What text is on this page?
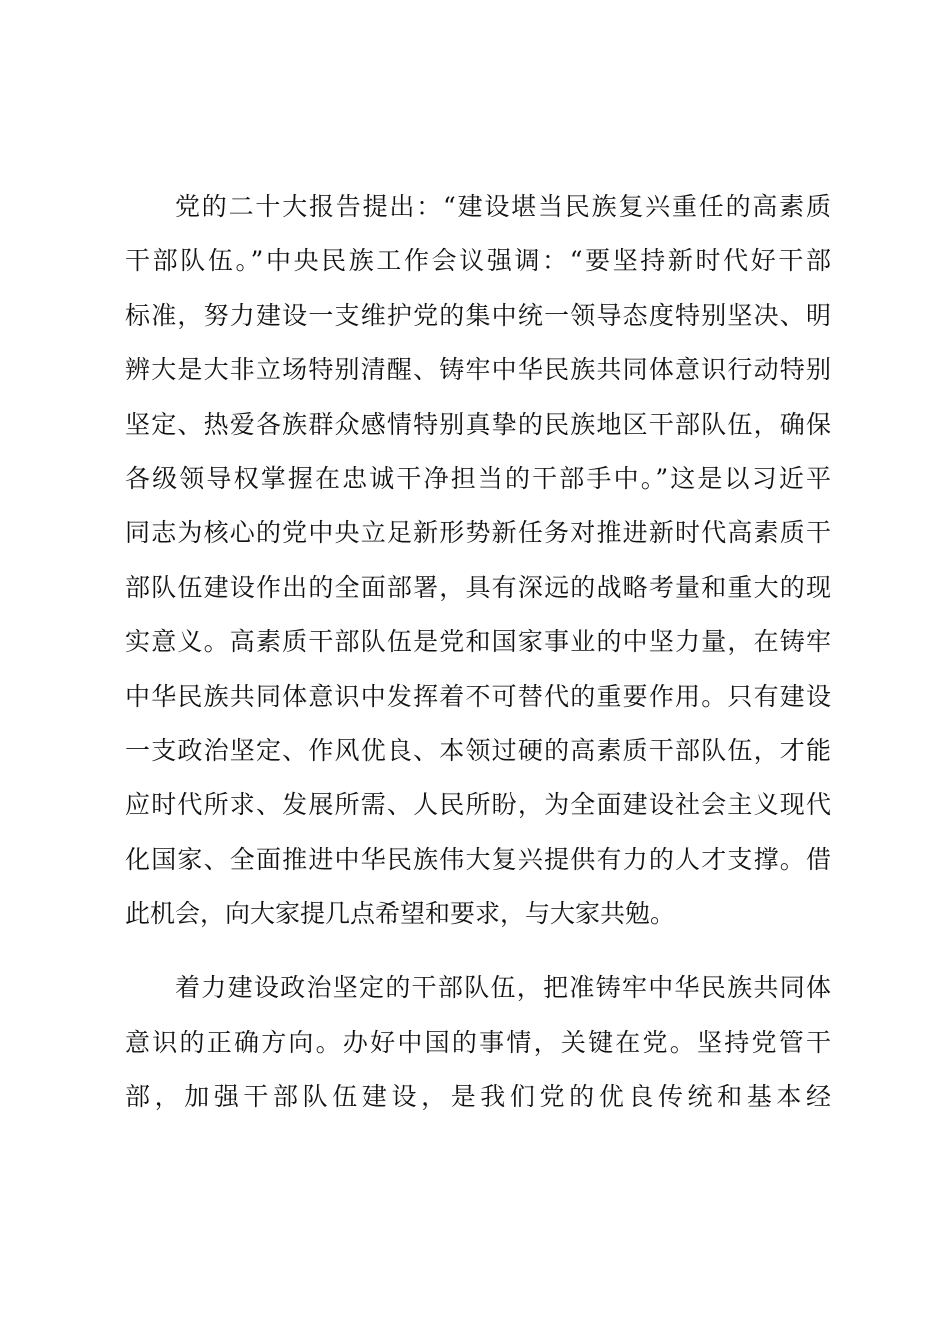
党的二十大报告提出：“建设堪当民族复兴重任的高素质
干部队伍。”中央民族工作会议强调：“要坚持新时代好干部
标准，努力建设一支维护党的集中统一领导态度特别坚决、明
辨大是大非立场特别清醒、铸牢中华民族共同体意识行动特别
坚定、热爱各族群众感情特别真挚的民族地区干部队伍，确保
各级领导权掌握在忠诚干净担当的干部手中。”这是以习近平
同志为核心的党中央立足新形势新任务对推进新时代高素质干
部队伍建设作出的全面部署，具有深远的战略考量和重大的现
实意义。高素质干部队伍是党和国家事业的中坚力量，在铸牢
中华民族共同体意识中发挥着不可替代的重要作用。只有建设
一支政治坚定、作风优良、本领过硬的高素质干部队伍，才能
应时代所求、发展所需、人民所盼，为全面建设社会主义现代
化国家、全面推进中华民族伟大复兴提供有力的人才支撑。借
此机会，向大家提几点希望和要求，与大家共勉。
着力建设政治坚定的干部队伍，把准铸牢中华民族共同体
意识的正确方向。办好中国的事情，关键在党。坚持党管干
部，加强干部队伍建设，是我们党的优良传统和基本经
